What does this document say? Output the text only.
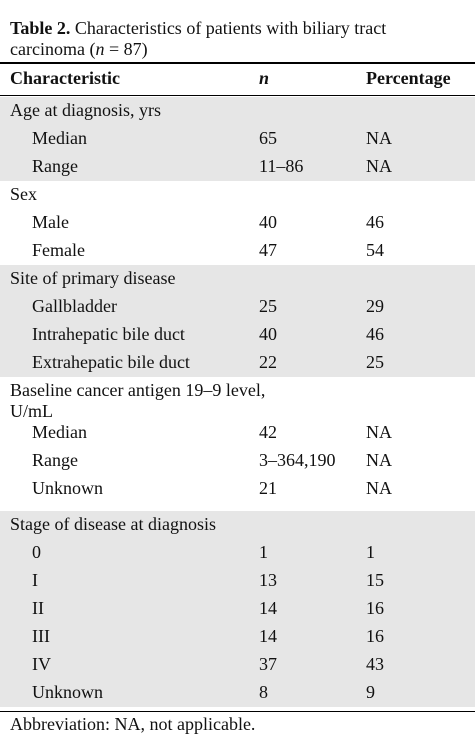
Table 2. Characteristics of patients with biliary tract carcinoma (n = 87)
Characteristic	n	Percentage
Age at diagnosis, yrs
Median	65	NA
Range	11–86	NA
Sex
Male	40	46
Female	47	54
Site of primary disease
Gallbladder	25	29
Intrahepatic bile duct	40	46
Extrahepatic bile duct	22	25
Baseline cancer antigen 19–9 level, U/mL
Median	42	NA
Range	3–364,190 NA
Unknown	21	NA
Stage of disease at diagnosis
0	1	1
I	13	15
II	14	16
III	14	16
IV	37	43
Unknown	8	9
Abbreviation: NA, not applicable.
